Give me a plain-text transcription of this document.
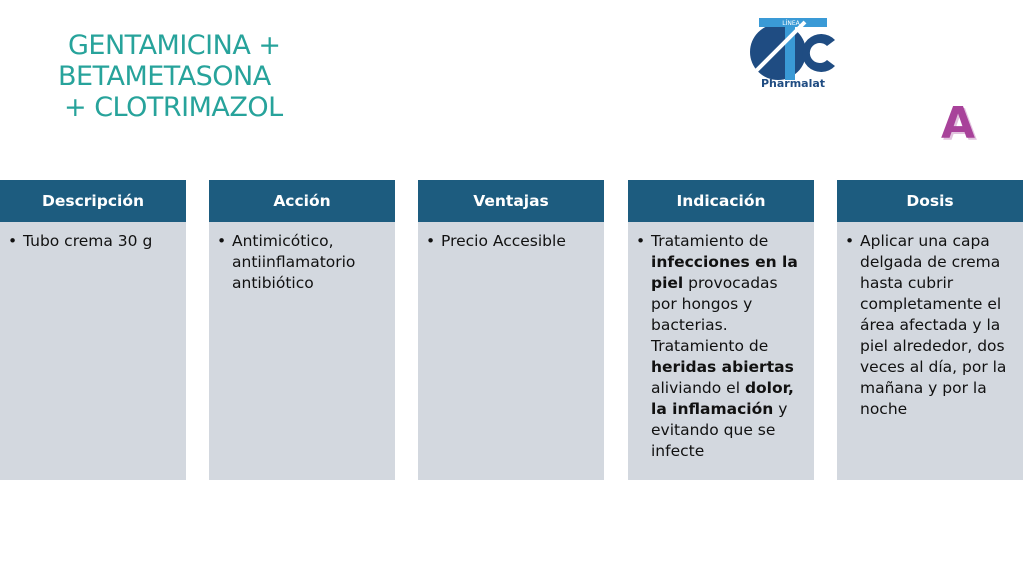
GENTAMICINA +
BETAMETASONA
+ CLOTRIMAZOL
LÍNEA
Pharmalat
A
Descripción
• Tubo crema 30 g
Acción
• Antimicótico, antiinflamatorio antibiótico
Ventajas
• Precio Accesible
Indicación
• Tratamiento de infecciones en la piel provocadas por hongos y bacterias. Tratamiento de heridas abiertas aliviando el dolor, la inflamación y evitando que se infecte
Dosis
• Aplicar una capa delgada de crema hasta cubrir completamente el área afectada y la piel alrededor, dos veces al día, por la mañana y por la noche
